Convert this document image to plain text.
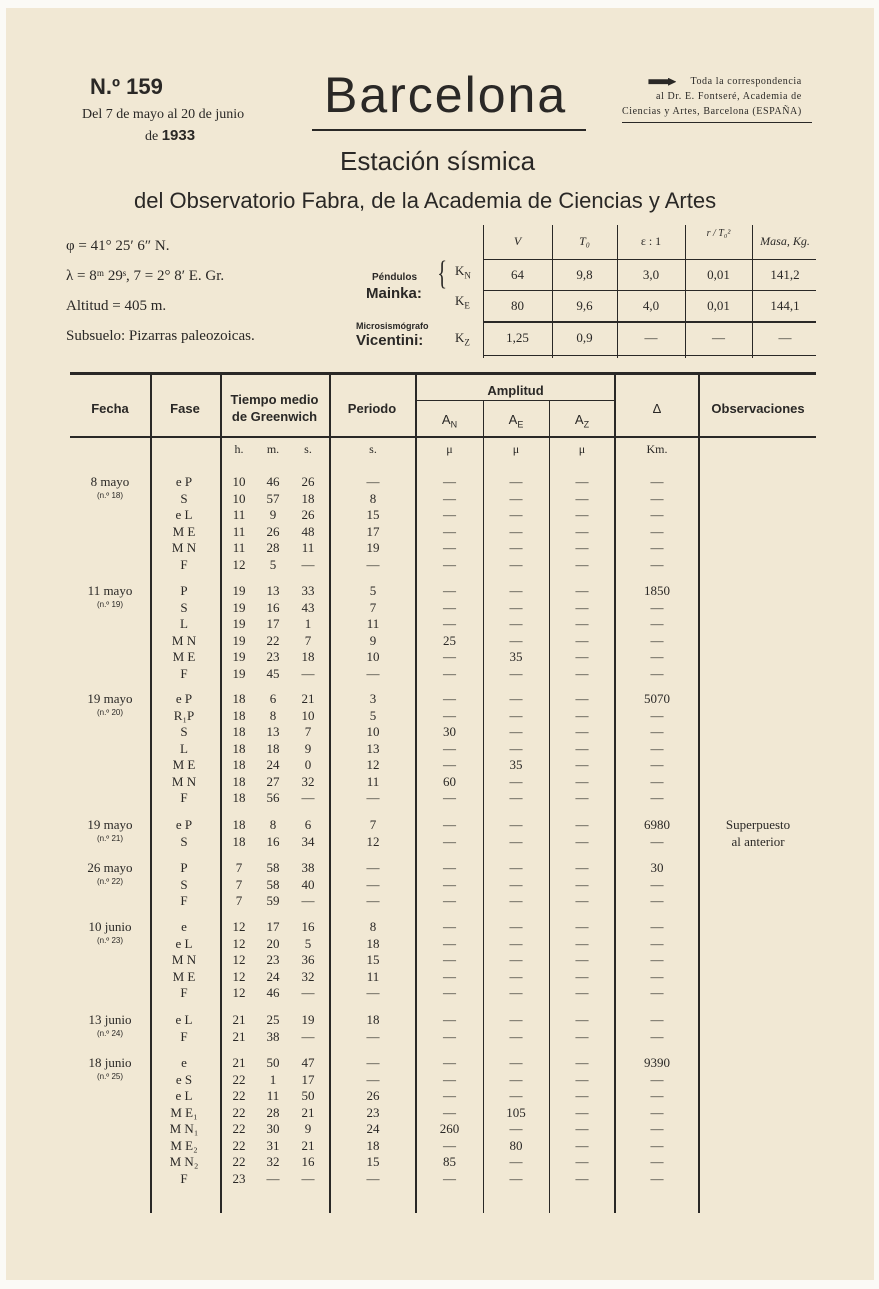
N.º 159
Del 7 de mayo al 20 de junio
de 1933
Barcelona
Estación sísmica
del Observatorio Fabra, de la Academia de Ciencias y Artes
Toda la correspondencia
al Dr. E. Fontseré, Academia de
Ciencias y Artes, Barcelona (ESPAÑA)
φ = 41° 25′ 6″ N.
λ = 8ᵐ 29ˢ, 7 = 2° 8′ E. Gr.
Altitud = 405 m.
Subsuelo: Pizarras paleozoicas.
Péndulos
Mainka:
Microsismógrafo
Vicentini:
{ $K_N$
$K_E$
$K_Z$
V	T₀	ε : 1
r / T₀²
Masa, Kg.
64	9,8	3,0	0,01	141,2
80	9,6	4,0	0,01	144,1
1,25	0,9	—	—	—
Fecha	Fase
Tiempo medio
de Greenwich
Periodo
Amplitud
$A_N$	$A_E$	$A_Z$
Δ	Observaciones
h.	m.	s.	s.	μ	μ	μ	Km.
8 mayo
(n.º 18)
e P	10	46	26	—	—	—	—	—
S	10	57	18	8	—	—	—	—
e L	11	9	26	15	—	—	—	—
M E	11	26	48	17	—	—	—	—
M N	11	28	11	19	—	—	—	—
F	12	5	—	—	—	—	—	—
11 mayo
(n.º 19)
P	19	13	33	5	—	—	—	1850
S	19	16	43	7	—	—	—	—
L	19	17	1	11	—	—	—	—
M N	19	22	7	9	25	—	—	—
M E	19	23	18	10	—	35	—	—
F	19	45	—	—	—	—	—	—
19 mayo
(n.º 20)
e P	18	6	21	3	—	—	—	5070
R₁P	18	8	10	5	—	—	—	—
S	18	13	7	10	30	—	—	—
L	18	18	9	13	—	—	—	—
M E	18	24	0	12	—	35	—	—
M N	18	27	32	11	60	—	—	—
F	18	56	—	—	—	—	—	—
19 mayo
(n.º 21)
e P	18	8	6	7	—	—	—	6980	Superpuesto
S	18	16	34	12	—	—	—	—	al anterior
26 mayo
(n.º 22)
P	7	58	38	—	—	—	—	30
S	7	58	40	—	—	—	—	—
F	7	59	—	—	—	—	—	—
10 junio
(n.º 23)
e	12	17	16	8	—	—	—	—
e L	12	20	5	18	—	—	—	—
M N	12	23	36	15	—	—	—	—
M E	12	24	32	11	—	—	—	—
F	12	46	—	—	—	—	—	—
13 junio
(n.º 24)
e L	21	25	19	18	—	—	—	—
F	21	38	—	—	—	—	—	—
18 junio
(n.º 25)
e	21	50	47	—	—	—	—	9390
e S	22	1	17	—	—	—	—	—
e L	22	11	50	26	—	—	—	—
M E₁	22	28	21	23	—	105	—	—
M N₁	22	30	9	24	260	—	—	—
M E₂	22	31	21	18	—	80	—	—
M N₂	22	32	16	15	85	—	—	—
F	23	—	—	—	—	—	—	—
